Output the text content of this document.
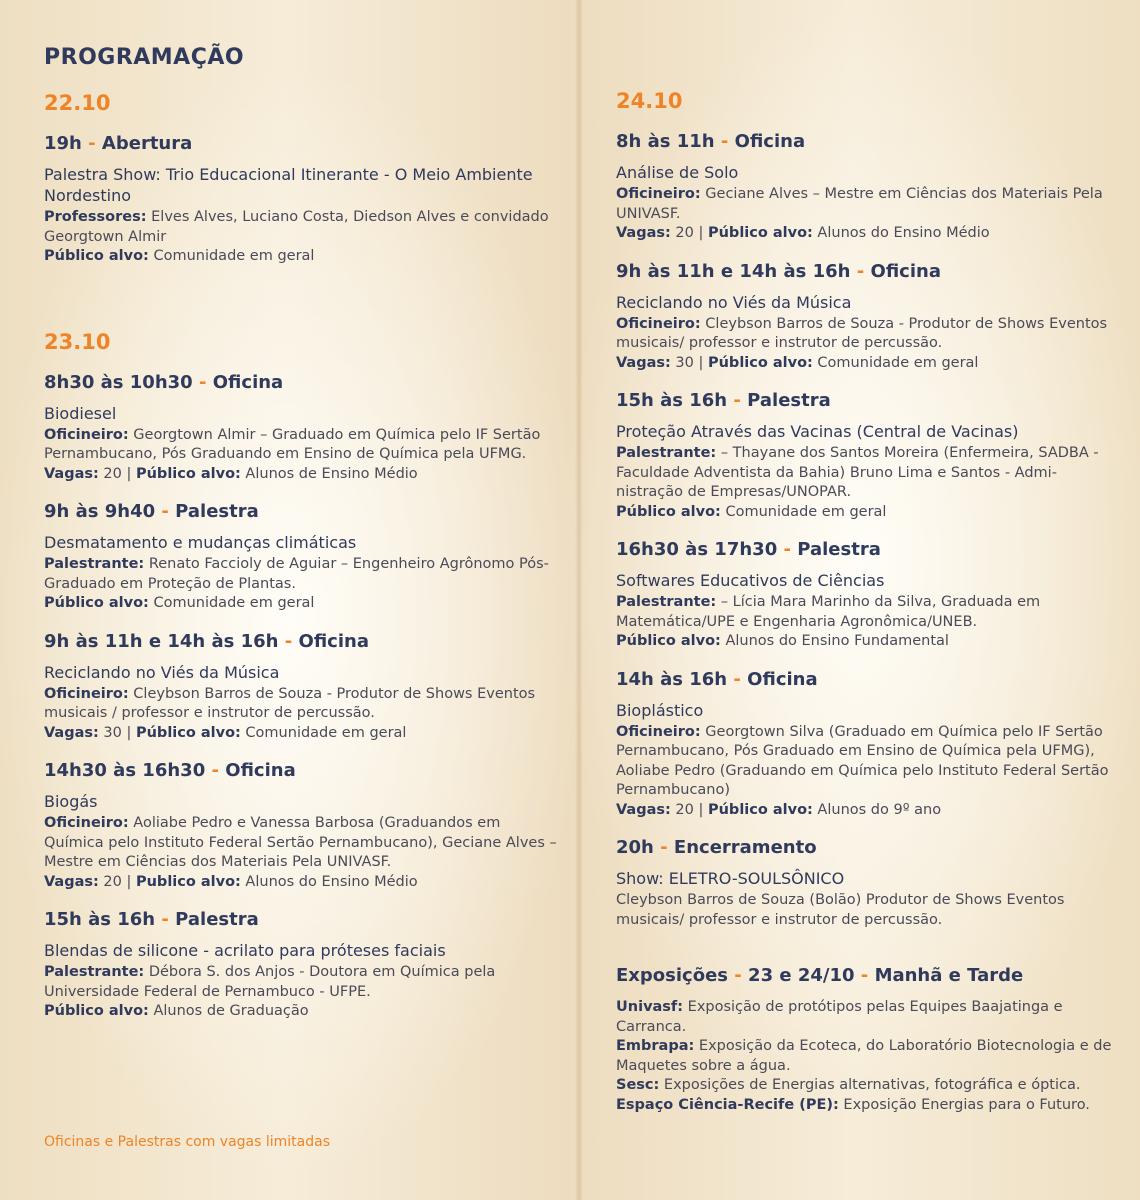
PROGRAMAÇÃO
22.10
19h - Abertura
Palestra Show: Trio Educacional Itinerante - O Meio Ambiente Nordestino
Professores: Elves Alves, Luciano Costa, Diedson Alves e convidado Georgtown Almir
Público alvo: Comunidade em geral
23.10
8h30 às 10h30 - Oficina
Biodiesel
Oficineiro: Georgtown Almir – Graduado em Química pelo IF Sertão Pernambucano, Pós Graduando em Ensino de Química pela UFMG.
Vagas: 20 | Público alvo: Alunos de Ensino Médio
9h às 9h40 - Palestra
Desmatamento e mudanças climáticas
Palestrante: Renato Faccioly de Aguiar – Engenheiro Agrônomo Pós-Graduado em Proteção de Plantas.
Público alvo: Comunidade em geral
9h às 11h e 14h às 16h - Oficina
Reciclando no Viés da Música
Oficineiro: Cleybson Barros de Souza - Produtor de Shows Eventos musicais / professor e instrutor de percussão.
Vagas: 30 | Público alvo: Comunidade em geral
14h30 às 16h30 - Oficina
Biogás
Oficineiro: Aoliabe Pedro e Vanessa Barbosa (Graduandos em Química pelo Instituto Federal Sertão Pernambucano), Geciane Alves – Mestre em Ciências dos Materiais Pela UNIVASF.
Vagas: 20 | Publico alvo: Alunos do Ensino Médio
15h às 16h - Palestra
Blendas de silicone - acrilato para próteses faciais
Palestrante: Débora S. dos Anjos - Doutora em Química pela Universidade Federal de Pernambuco - UFPE.
Público alvo: Alunos de Graduação
Oficinas e Palestras com vagas limitadas
24.10
8h às 11h - Oficina
Análise de Solo
Oficineiro: Geciane Alves – Mestre em Ciências dos Materiais Pela UNIVASF.
Vagas: 20 | Público alvo: Alunos do Ensino Médio
9h às 11h e 14h às 16h - Oficina
Reciclando no Viés da Música
Oficineiro: Cleybson Barros de Souza - Produtor de Shows Eventos musicais/ professor e instrutor de percussão.
Vagas: 30 | Público alvo: Comunidade em geral
15h às 16h - Palestra
Proteção Através das Vacinas (Central de Vacinas)
Palestrante: – Thayane dos Santos Moreira (Enfermeira, SADBA - Faculdade Adventista da Bahia) Bruno Lima e Santos - Admi-nistração de Empresas/UNOPAR.
Público alvo: Comunidade em geral
16h30 às 17h30 - Palestra
Softwares Educativos de Ciências
Palestrante: – Lícia Mara Marinho da Silva, Graduada em Matemática/UPE e Engenharia Agronômica/UNEB.
Público alvo: Alunos do Ensino Fundamental
14h às 16h - Oficina
Bioplástico
Oficineiro: Georgtown Silva (Graduado em Química pelo IF Sertão Pernambucano, Pós Graduado em Ensino de Química pela UFMG), Aoliabe Pedro (Graduando em Química pelo Instituto Federal Sertão Pernambucano)
Vagas: 20 | Público alvo: Alunos do 9º ano
20h - Encerramento
Show: ELETRO-SOULSÔNICO
Cleybson Barros de Souza (Bolão) Produtor de Shows Eventos musicais/ professor e instrutor de percussão.
Exposições - 23 e 24/10 - Manhã e Tarde
Univasf: Exposição de protótipos pelas Equipes Baajatinga e Carranca.
Embrapa: Exposição da Ecoteca, do Laboratório Biotecnologia e de Maquetes sobre a água.
Sesc: Exposições de Energias alternativas, fotográfica e óptica.
Espaço Ciência-Recife (PE): Exposição Energias para o Futuro.
